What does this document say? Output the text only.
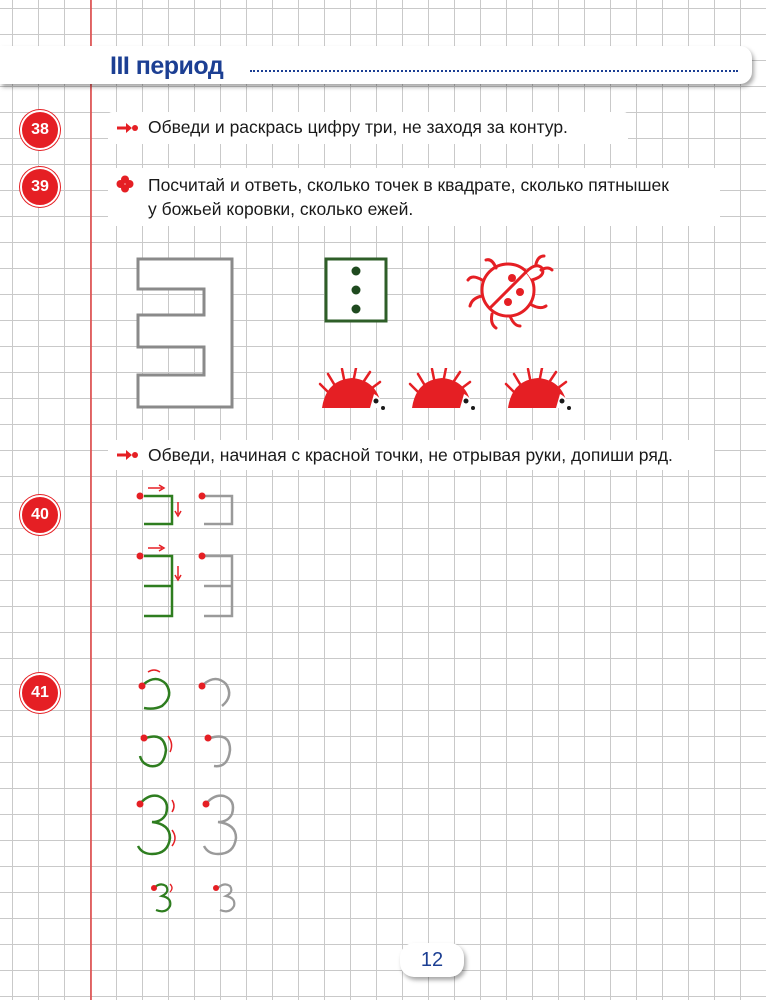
III период
38	Обведи и раскрась цифру три, не заходя за контур.
39	Посчитай и ответь, сколько точек в квадрате, сколько пятнышек
у божьей коровки, сколько ежей.
Обведи, начиная с красной точки, не отрывая руки, допиши ряд.
40
41
12
